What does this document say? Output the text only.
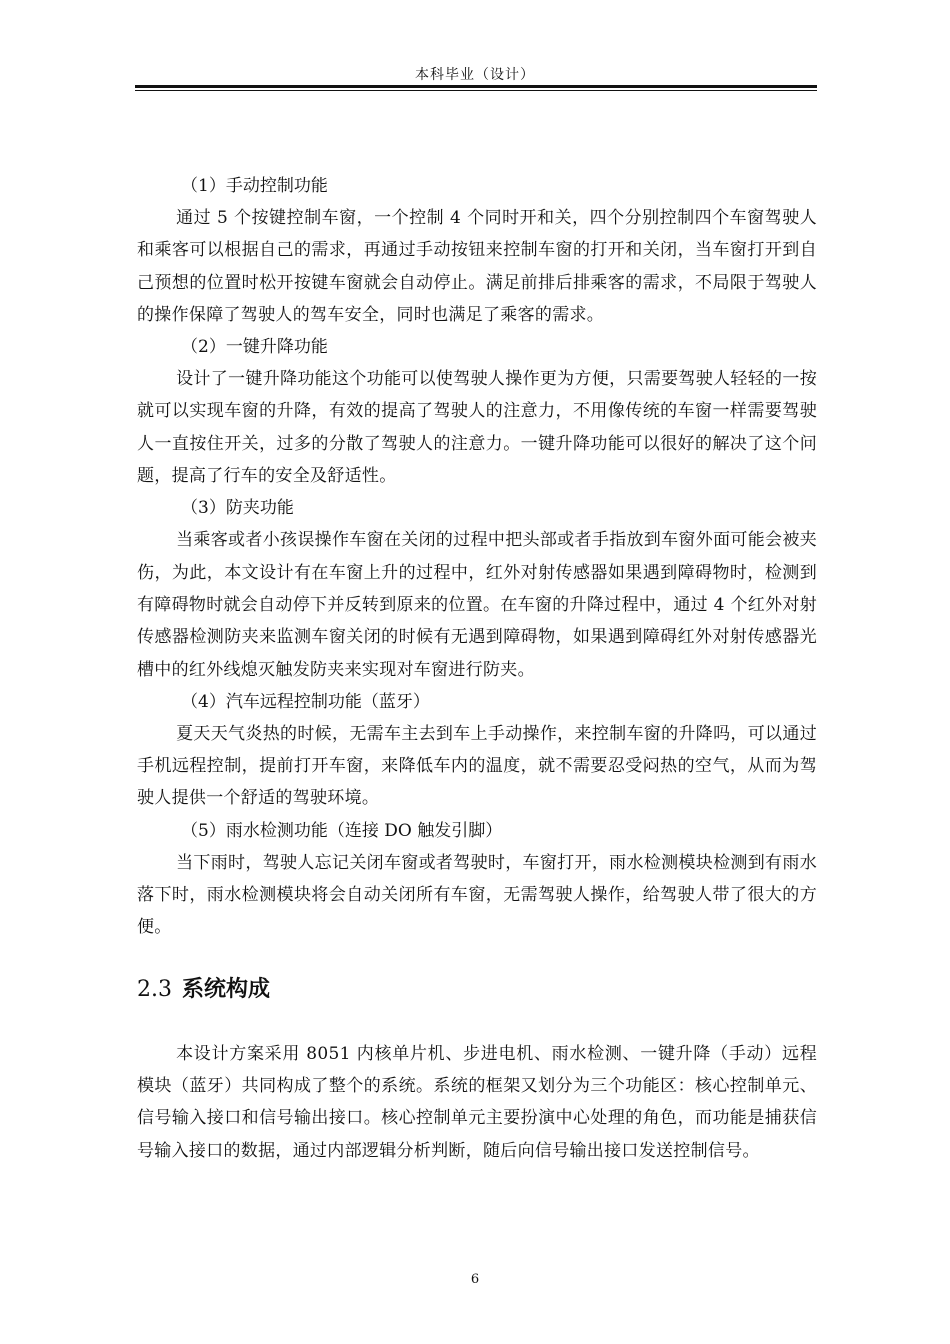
本科毕业（设计）
（1）手动控制功能

通过 5 个按键控制车窗，一个控制 4 个同时开和关，四个分别控制四个车窗驾驶人和乘客可以根据自己的需求，再通过手动按钮来控制车窗的打开和关闭，当车窗打开到自己预想的位置时松开按键车窗就会自动停止。满足前排后排乘客的需求，不局限于驾驶人的操作保障了驾驶人的驾车安全，同时也满足了乘客的需求。

（2）一键升降功能

设计了一键升降功能这个功能可以使驾驶人操作更为方便，只需要驾驶人轻轻的一按就可以实现车窗的升降，有效的提高了驾驶人的注意力，不用像传统的车窗一样需要驾驶人一直按住开关，过多的分散了驾驶人的注意力。一键升降功能可以很好的解决了这个问题，提高了行车的安全及舒适性。

（3）防夹功能

当乘客或者小孩误操作车窗在关闭的过程中把头部或者手指放到车窗外面可能会被夹伤，为此，本文设计有在车窗上升的过程中，红外对射传感器如果遇到障碍物时，检测到有障碍物时就会自动停下并反转到原来的位置。在车窗的升降过程中，通过 4 个红外对射传感器检测防夹来监测车窗关闭的时候有无遇到障碍物，如果遇到障碍红外对射传感器光槽中的红外线熄灭触发防夹来实现对车窗进行防夹。

（4）汽车远程控制功能（蓝牙）

夏天天气炎热的时候，无需车主去到车上手动操作，来控制车窗的升降吗，可以通过手机远程控制，提前打开车窗，来降低车内的温度，就不需要忍受闷热的空气，从而为驾驶人提供一个舒适的驾驶环境。

（5）雨水检测功能（连接 DO 触发引脚）

当下雨时，驾驶人忘记关闭车窗或者驾驶时，车窗打开，雨水检测模块检测到有雨水落下时，雨水检测模块将会自动关闭所有车窗，无需驾驶人操作，给驾驶人带了很大的方便。

2.3 系统构成

本设计方案采用 8051 内核单片机、步进电机、雨水检测、一键升降（手动）远程模块（蓝牙）共同构成了整个的系统。系统的框架又划分为三个功能区：核心控制单元、信号输入接口和信号输出接口。核心控制单元主要扮演中心处理的角色，而功能是捕获信号输入接口的数据，通过内部逻辑分析判断，随后向信号输出接口发送控制信号。

6
